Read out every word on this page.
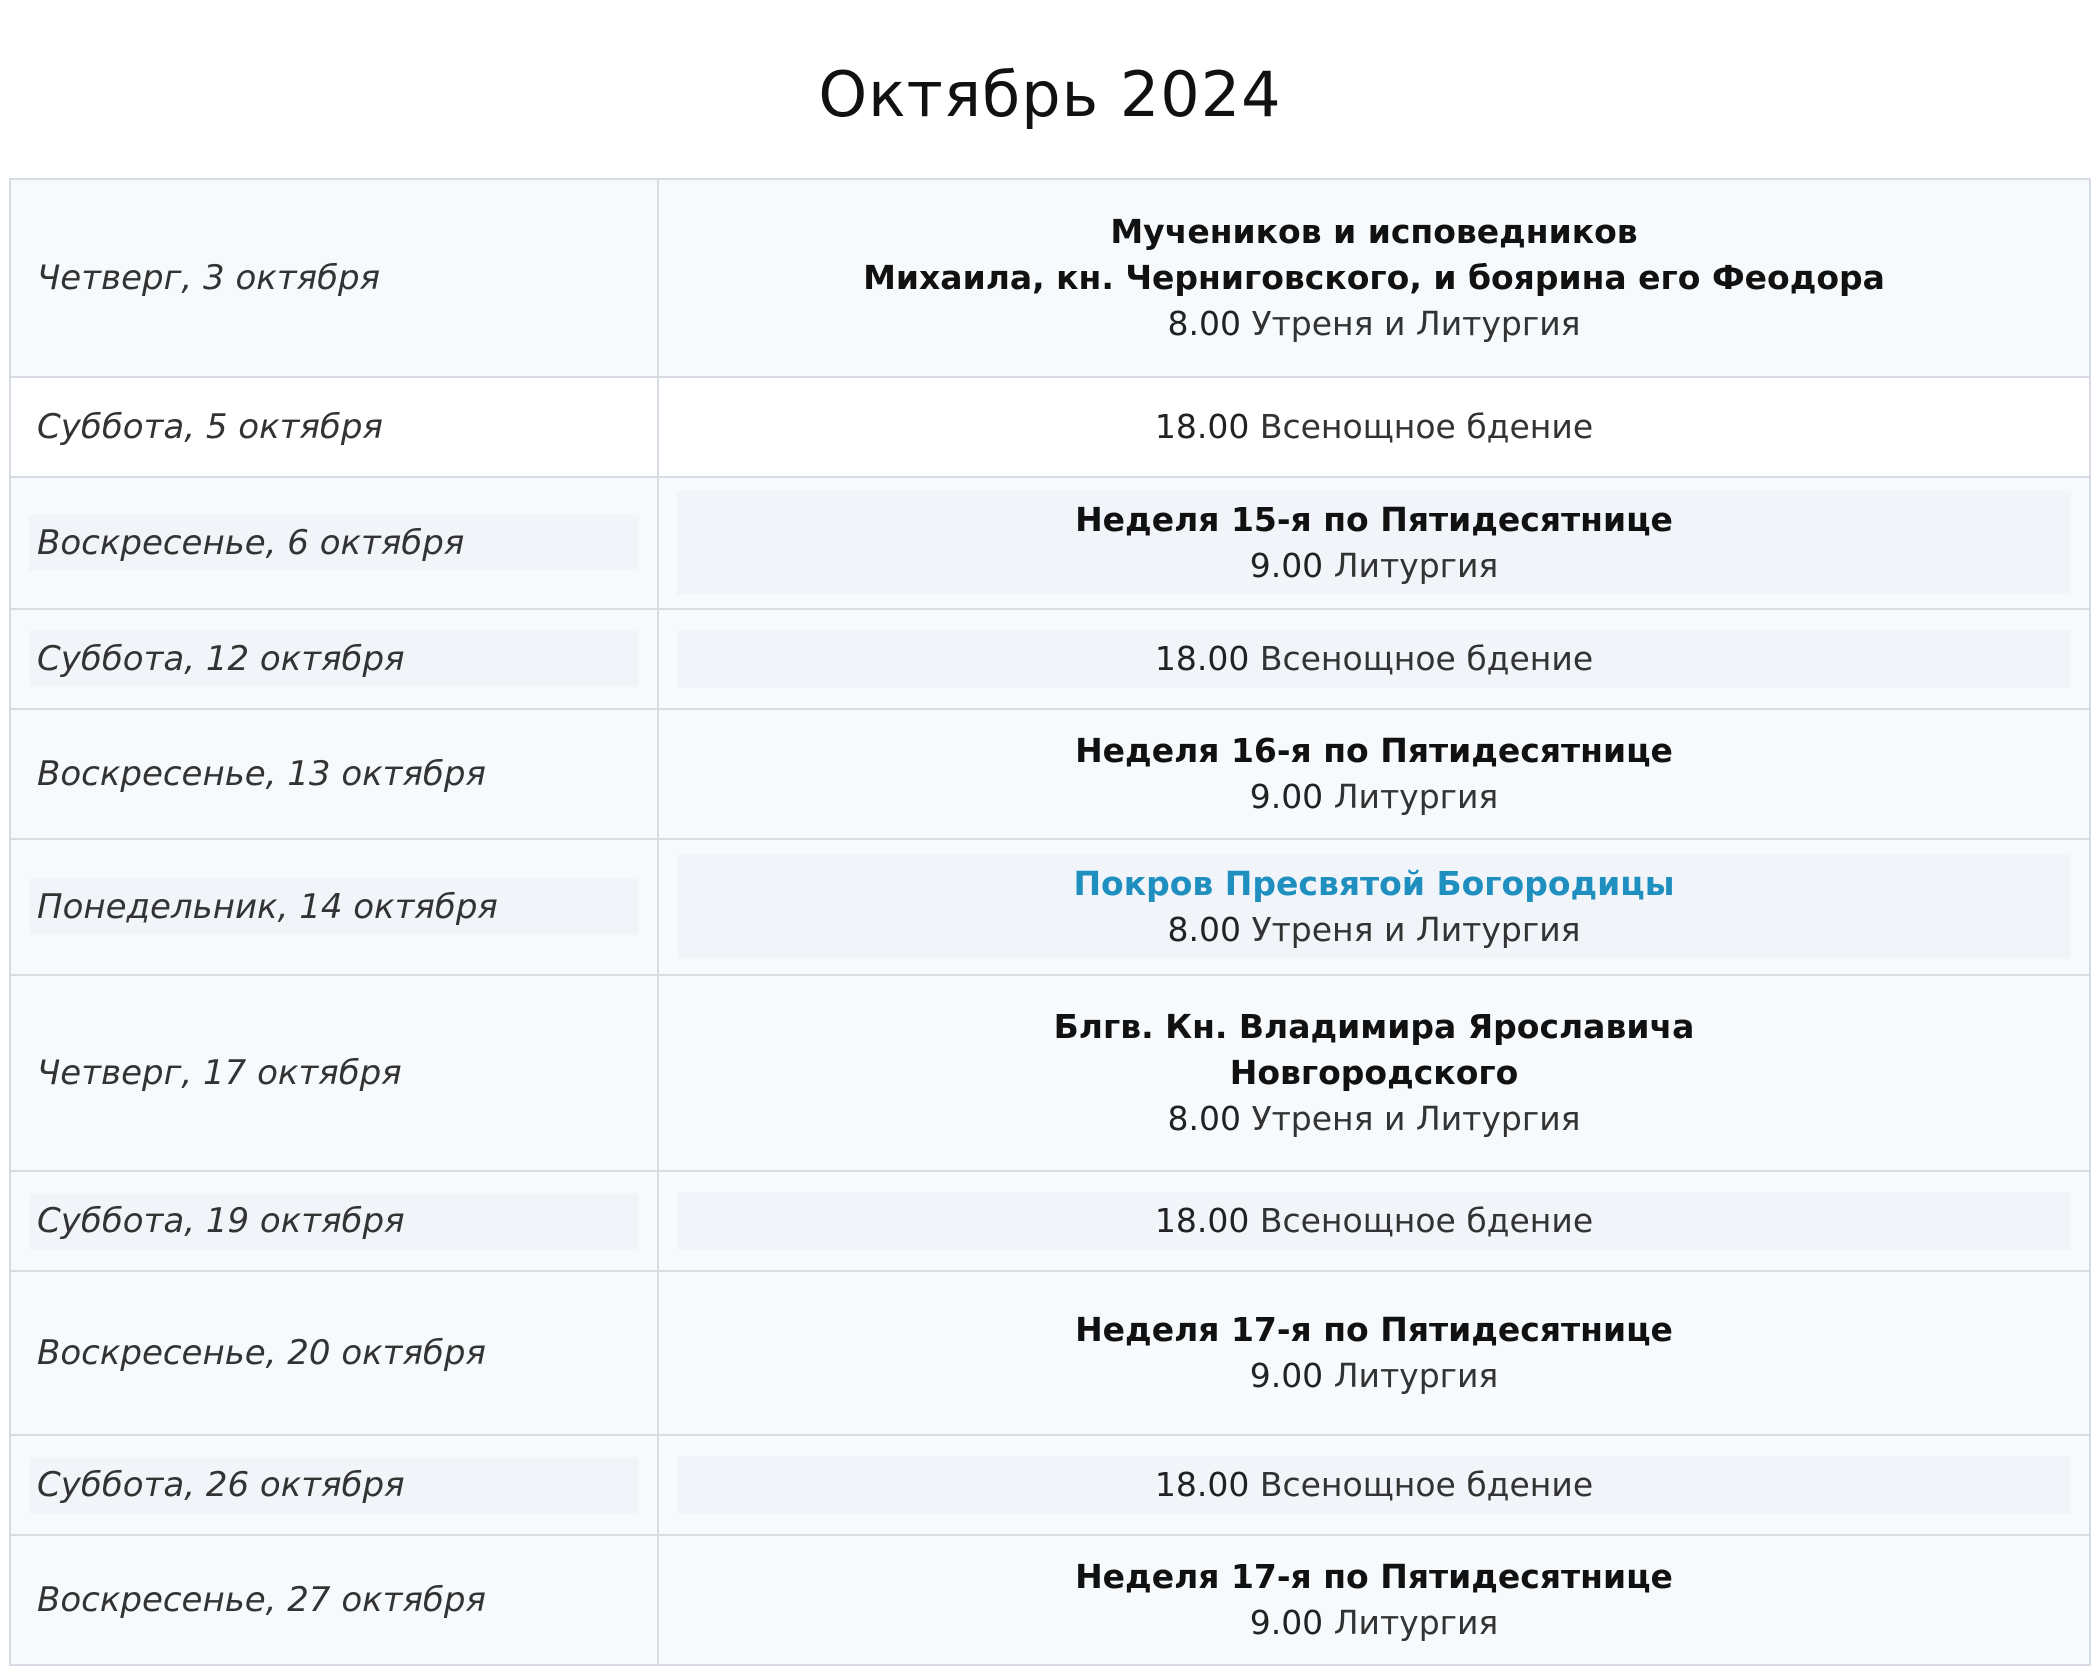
Октябрь 2024
Четверг, 3 октября	Мучеников и исповедников
Михаила, кн. Черниговского, и боярина его Феодора
8.00 Утреня и Литургия

Суббота, 5 октября	18.00 Всенощное бдение

Воскресенье, 6 октября	Неделя 15-я по Пятидесятнице
9.00 Литургия

Суббота, 12 октября	18.00 Всенощное бдение

Воскресенье, 13 октября	Неделя 16-я по Пятидесятнице
9.00 Литургия

Понедельник, 14 октября	Покров Пресвятой Богородицы
8.00 Утреня и Литургия

Четверг, 17 октября	Блгв. Кн. Владимира Ярославича
Новгородского
8.00 Утреня и Литургия

Суббота, 19 октября	18.00 Всенощное бдение

Воскресенье, 20 октября	Неделя 17-я по Пятидесятнице
9.00 Литургия

Суббота, 26 октября	18.00 Всенощное бдение

Воскресенье, 27 октября	Неделя 17-я по Пятидесятнице
9.00 Литургия
